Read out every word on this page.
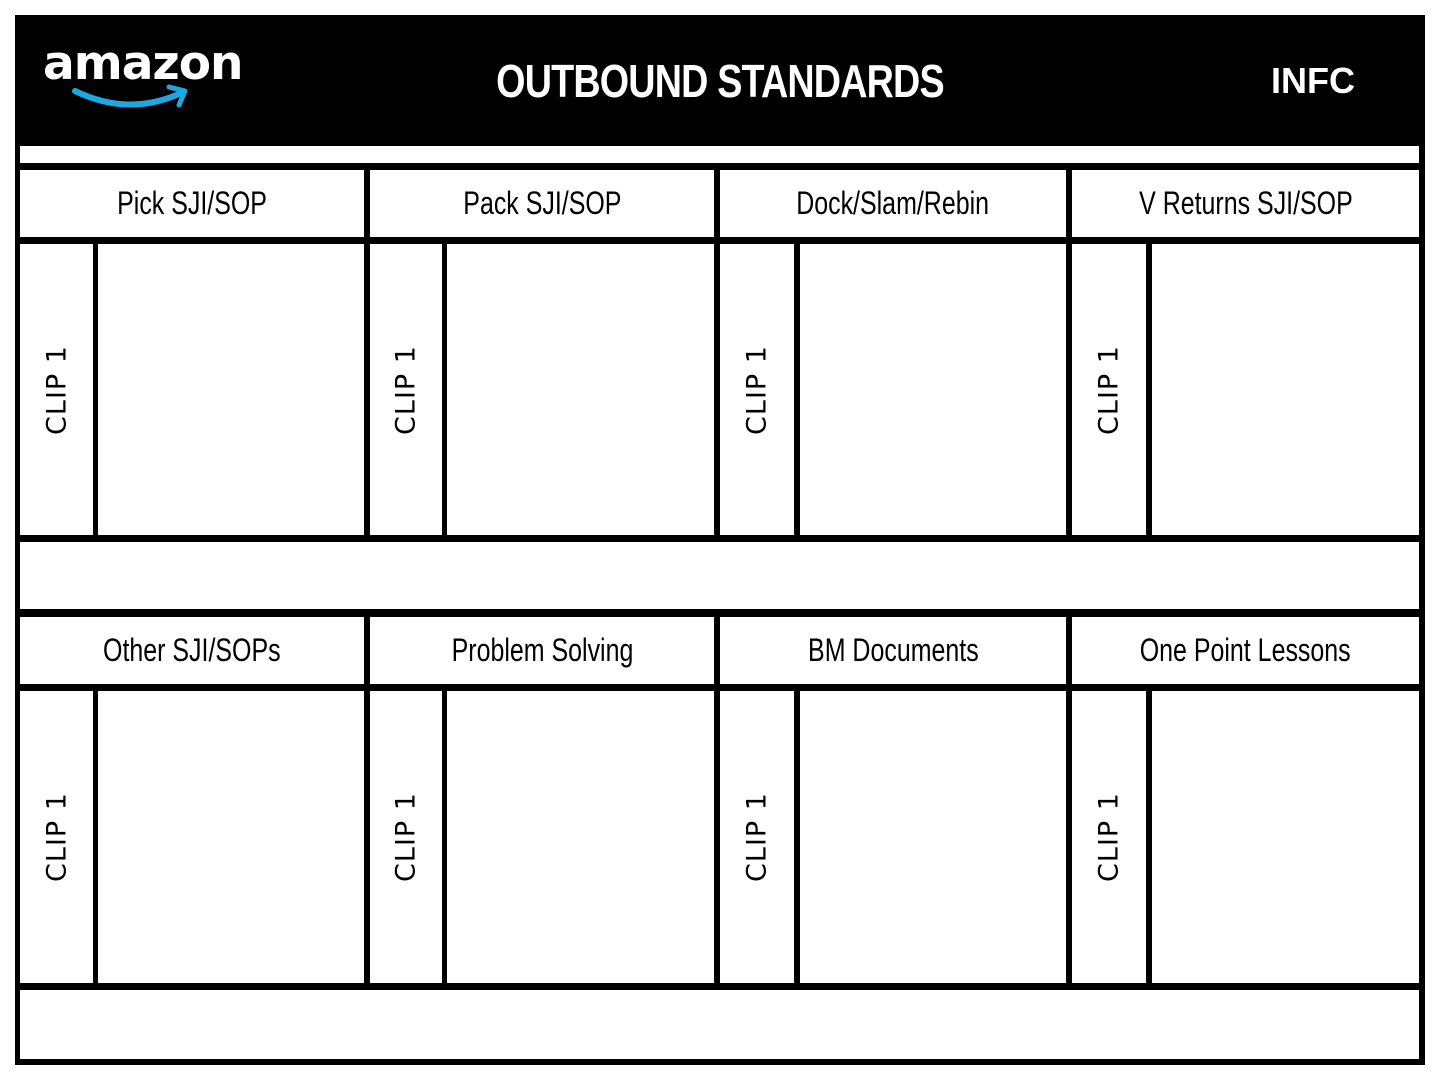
amazon	OUTBOUND STANDARDS	INFC
Pick SJI/SOP	Pack SJI/SOP	Dock/Slam/Rebin	V Returns SJI/SOP
CLIP 1	CLIP 1	CLIP 1	CLIP 1
Other SJI/SOPs	Problem Solving	BM Documents	One Point Lessons
CLIP 1	CLIP 1	CLIP 1	CLIP 1
